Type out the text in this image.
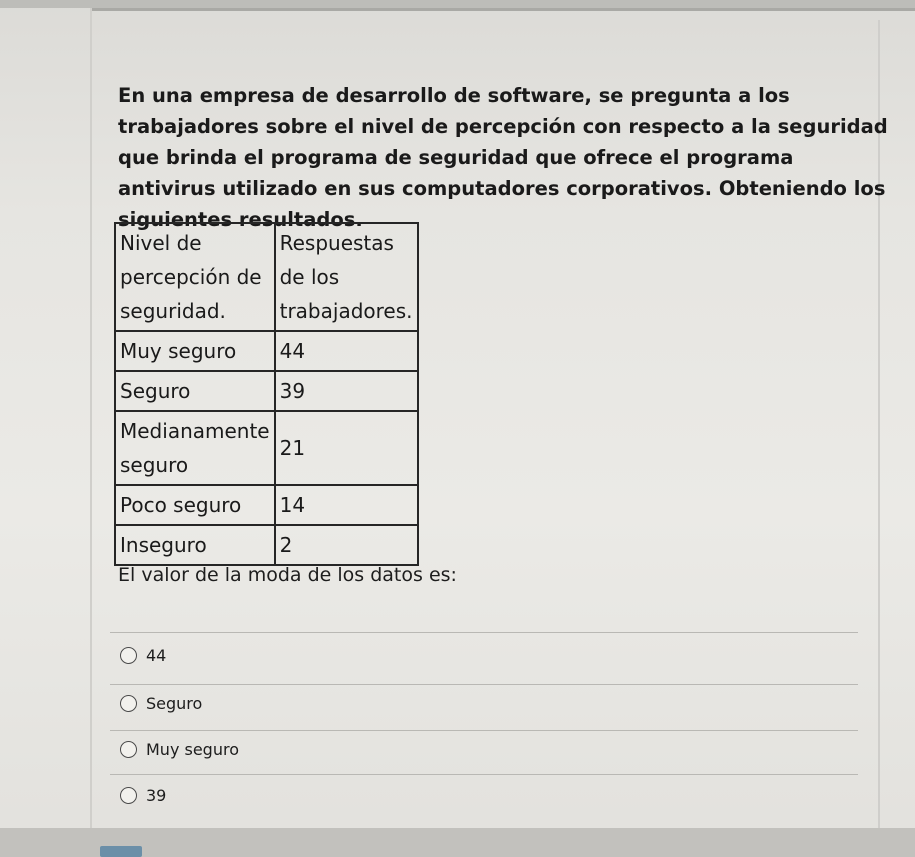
En una empresa de desarrollo de software, se pregunta a los trabajadores sobre el nivel de percepción con respecto a la seguridad que brinda el programa de seguridad que ofrece el programa antivirus utilizado en sus computadores corporativos. Obteniendo los siguientes resultados.
Nivel de percepción de seguridad.	Respuestas de los trabajadores.
Muy seguro	44
Seguro	39
Medianamente seguro	21
Poco seguro	14
Inseguro	2
El valor de la moda de los datos es:
44
Seguro
Muy seguro
39
